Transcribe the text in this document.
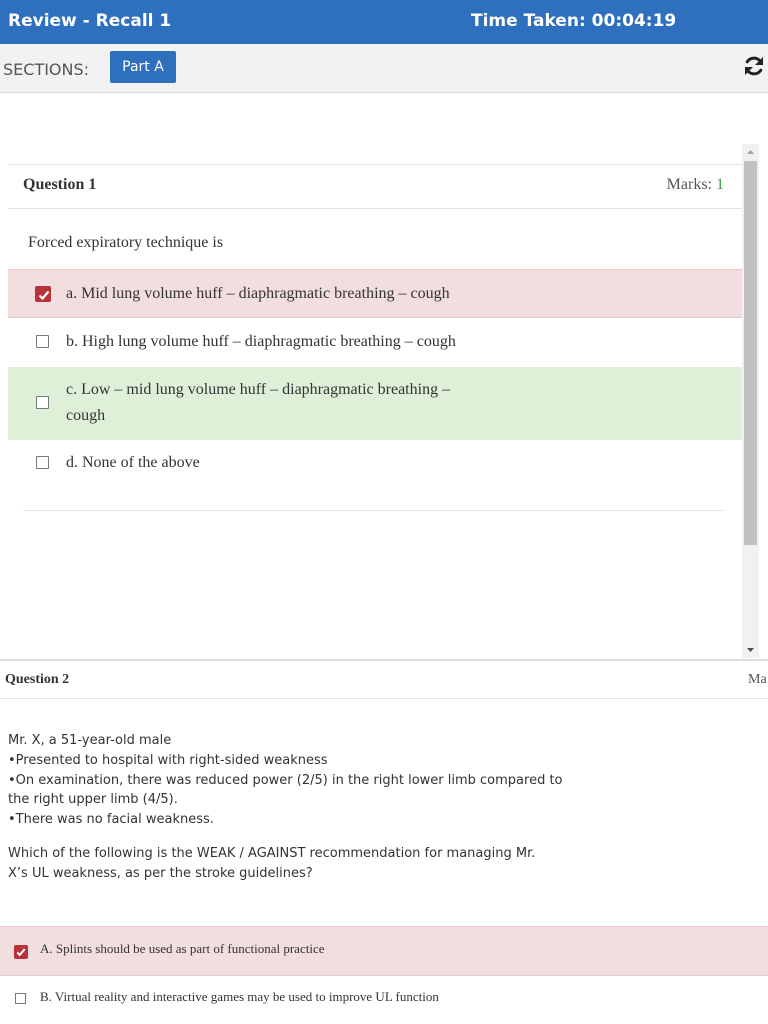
Review - Recall 1	Time Taken: 00:04:19
SECTIONS:	Part A
Question 1	Marks: 1
Forced expiratory technique is
a. Mid lung volume huff – diaphragmatic breathing – cough
b. High lung volume huff – diaphragmatic breathing – cough
c. Low – mid lung volume huff – diaphragmatic breathing –
cough
d. None of the above
Question 2	Ma
Mr. X, a 51-year-old male
•Presented to hospital with right-sided weakness
•On examination, there was reduced power (2/5) in the right lower limb compared to
the right upper limb (4/5).
•There was no facial weakness.
Which of the following is the WEAK / AGAINST recommendation for managing Mr.
X’s UL weakness, as per the stroke guidelines?
A. Splints should be used as part of functional practice
B. Virtual reality and interactive games may be used to improve UL function
